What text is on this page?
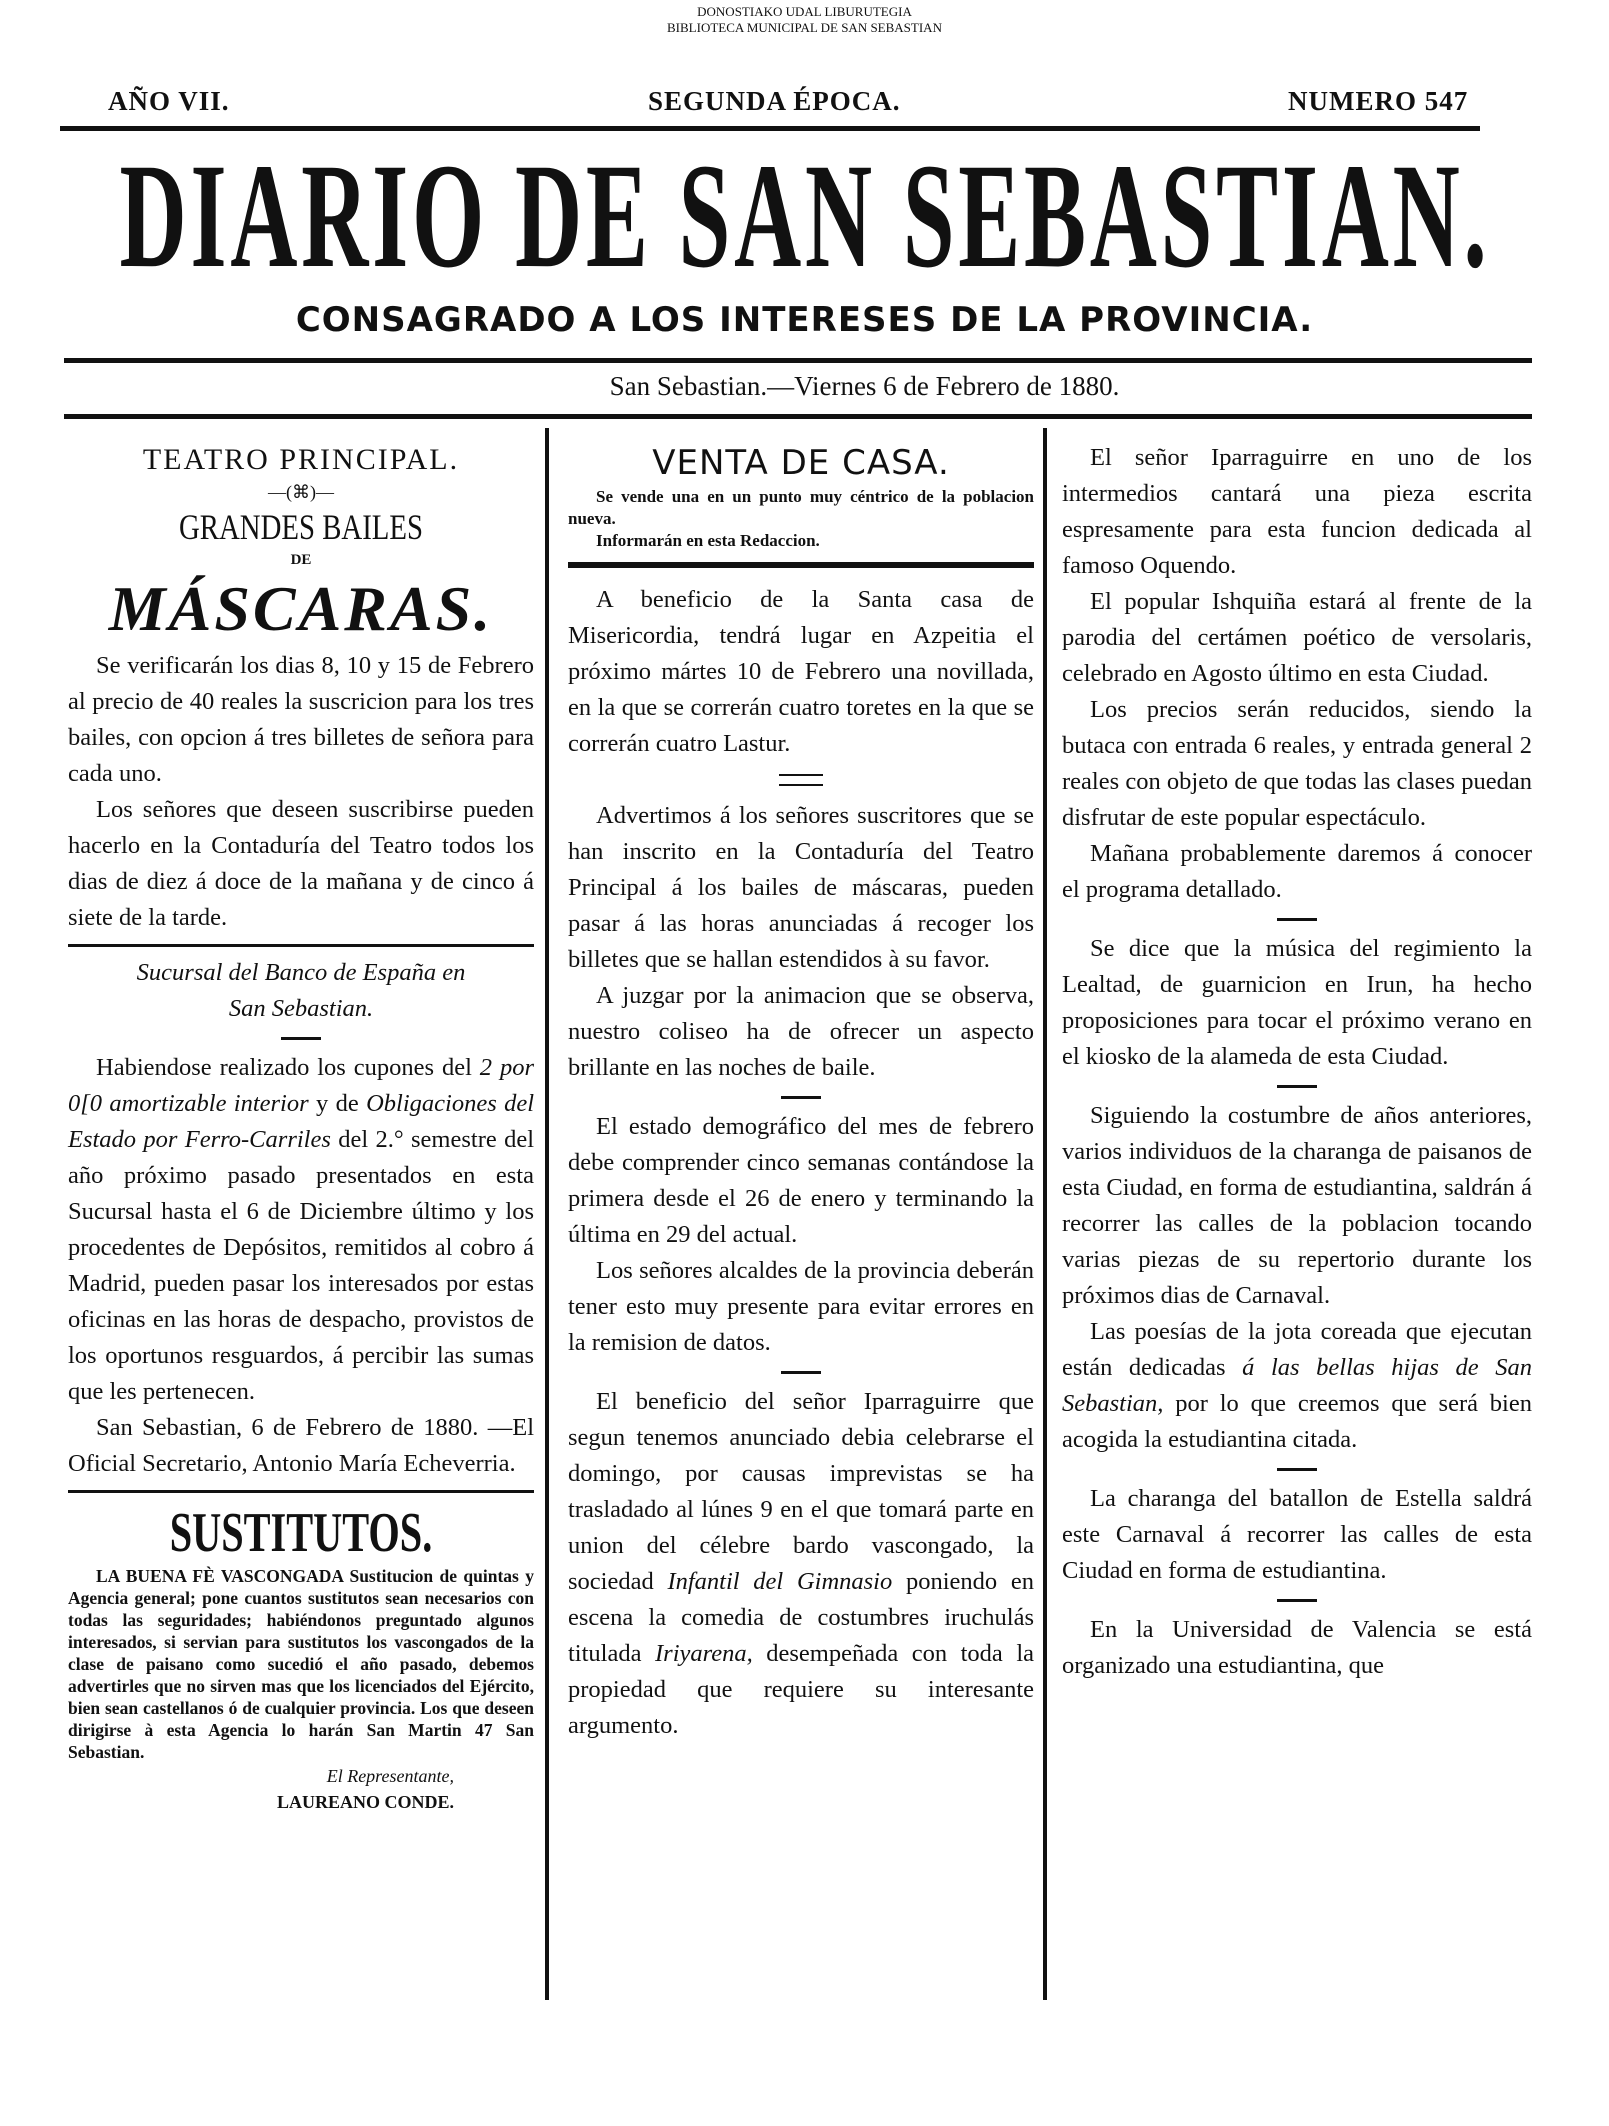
DONOSTIAKO UDAL LIBURUTEGIA
BIBLIOTECA MUNICIPAL DE SAN SEBASTIAN
AÑO VII.	SEGUNDA ÉPOCA.	NUMERO 547
DIARIO DE SAN SEBASTIAN.
CONSAGRADO A LOS INTERESES DE LA PROVINCIA.
San Sebastian.—Viernes 6 de Febrero de 1880.
TEATRO PRINCIPAL.
—(⌘)—
GRANDES BAILES
DE
MÁSCARAS.

Se verificarán los dias 8, 10 y 15 de Febrero al precio de 40 reales la suscricion para los tres bailes, con opcion á tres billetes de señora para cada uno.

Los señores que deseen suscribirse pueden hacerlo en la Contaduría del Teatro todos los dias de diez á doce de la mañana y de cinco á siete de la tarde.

Sucursal del Banco de España en
San Sebastian.

Habiendose realizado los cupones del 2 por 0[0 amortizable interior y de Obligaciones del Estado por Ferro-Carriles del 2.° semestre del año próximo pasado presentados en esta Sucursal hasta el 6 de Diciembre último y los procedentes de Depósitos, remitidos al cobro á Madrid, pueden pasar los interesados por estas oficinas en las horas de despacho, provistos de los oportunos resguardos, á percibir las sumas que les pertenecen.

San Sebastian, 6 de Febrero de 1880. —El Oficial Secretario, Antonio María Echeverria.

SUSTITUTOS.

LA BUENA FÈ VASCONGADA Sustitucion de quintas y Agencia general; pone cuantos sustitutos sean necesarios con todas las seguridades; habiéndonos preguntado algunos interesados, si servian para sustitutos los vascongados de la clase de paisano como sucedió el año pasado, debemos advertirles que no sirven mas que los licenciados del Ejército, bien sean castellanos ó de cualquier provincia. Los que deseen dirigirse à esta Agencia lo harán San Martin 47 San Sebastian.

El Representante,
LAUREANO CONDE.
VENTA DE CASA.

Se vende una en un punto muy céntrico de la poblacion nueva.

Informarán en esta Redaccion.

A beneficio de la Santa casa de Misericordia, tendrá lugar en Azpeitia el próximo mártes 10 de Febrero una novillada, en la que se correrán cuatro toretes en la que se correrán cuatro Lastur.

Advertimos á los señores suscritores que se han inscrito en la Contaduría del Teatro Principal á los bailes de máscaras, pueden pasar á las horas anunciadas á recoger los billetes que se hallan estendidos à su favor.

A juzgar por la animacion que se observa, nuestro coliseo ha de ofrecer un aspecto brillante en las noches de baile.

El estado demográfico del mes de febrero debe comprender cinco semanas contándose la primera desde el 26 de enero y terminando la última en 29 del actual.

Los señores alcaldes de la provincia deberán tener esto muy presente para evitar errores en la remision de datos.

El beneficio del señor Iparraguirre que segun tenemos anunciado debia celebrarse el domingo, por causas imprevistas se ha trasladado al lúnes 9 en el que tomará parte en union del célebre bardo vascongado, la sociedad Infantil del Gimnasio poniendo en escena la comedia de costumbres iruchulás titulada Iriyarena, desempeñada con toda la propiedad que requiere su interesante argumento.

El señor Iparraguirre en uno de los intermedios cantará una pieza escrita espresamente para esta funcion dedicada al famoso Oquendo.

El popular Ishquiña estará al frente de la parodia del certámen poético de versolaris, celebrado en Agosto último en esta Ciudad.

Los precios serán reducidos, siendo la butaca con entrada 6 reales, y entrada general 2 reales con objeto de que todas las clases puedan disfrutar de este popular espectáculo.

Mañana probablemente daremos á conocer el programa detallado.

Se dice que la música del regimiento la Lealtad, de guarnicion en Irun, ha hecho proposiciones para tocar el próximo verano en el kiosko de la alameda de esta Ciudad.

Siguiendo la costumbre de años anteriores, varios individuos de la charanga de paisanos de esta Ciudad, en forma de estudiantina, saldrán á recorrer las calles de la poblacion tocando varias piezas de su repertorio durante los próximos dias de Carnaval.

Las poesías de la jota coreada que ejecutan están dedicadas á las bellas hijas de San Sebastian, por lo que creemos que será bien acogida la estudiantina citada.

La charanga del batallon de Estella saldrá este Carnaval á recorrer las calles de esta Ciudad en forma de estudiantina.

En la Universidad de Valencia se está organizado una estudiantina, que
